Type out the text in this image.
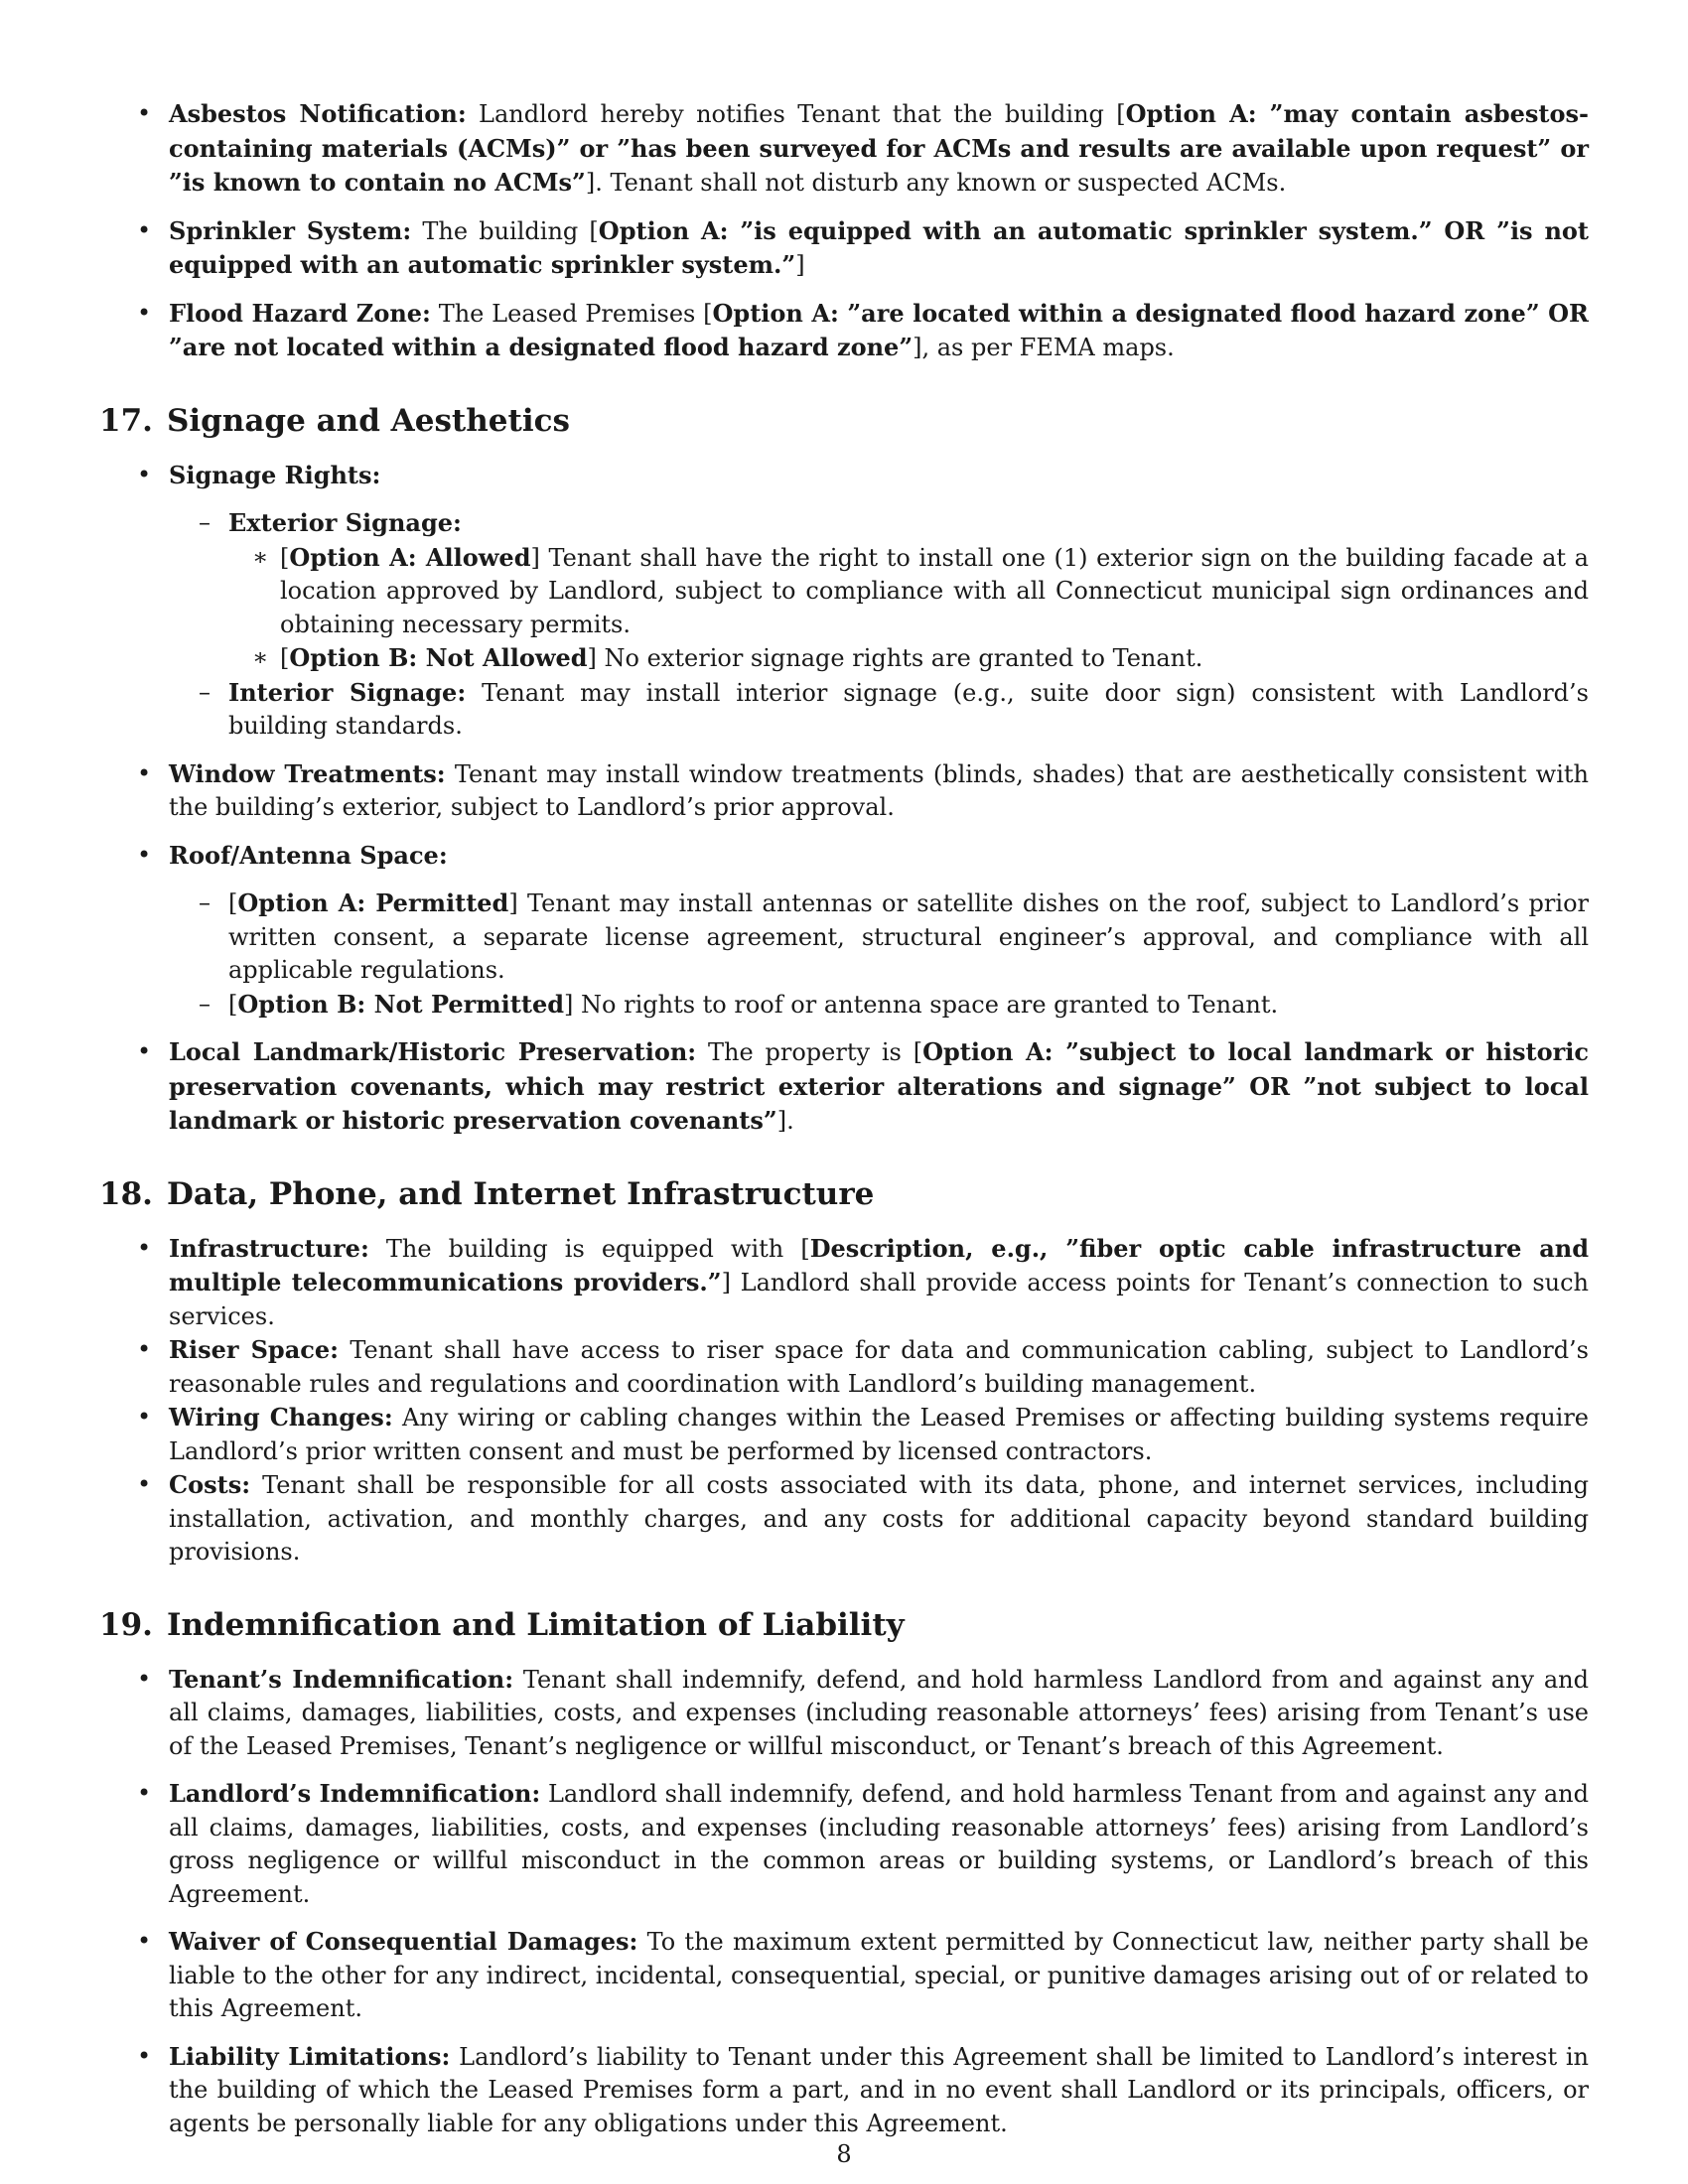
• Asbestos Notification: Landlord hereby notifies Tenant that the building [Option A: ”may contain asbestos-containing materials (ACMs)” or ”has been surveyed for ACMs and results are available upon request” or ”is known to contain no ACMs”]. Tenant shall not disturb any known or suspected ACMs.
• Sprinkler System: The building [Option A: ”is equipped with an automatic sprinkler system.” OR ”is not equipped with an automatic sprinkler system.”]
• Flood Hazard Zone: The Leased Premises [Option A: ”are located within a designated flood hazard zone” OR ”are not located within a designated flood hazard zone”], as per FEMA maps.
17. Signage and Aesthetics
• Signage Rights:
– Exterior Signage:
∗ [Option A: Allowed] Tenant shall have the right to install one (1) exterior sign on the building facade at a location approved by Landlord, subject to compliance with all Connecticut municipal sign ordinances and obtaining necessary permits.
∗ [Option B: Not Allowed] No exterior signage rights are granted to Tenant.
– Interior Signage: Tenant may install interior signage (e.g., suite door sign) consistent with Landlord’s building standards.
• Window Treatments: Tenant may install window treatments (blinds, shades) that are aesthetically consistent with the building’s exterior, subject to Landlord’s prior approval.
• Roof/Antenna Space:
– [Option A: Permitted] Tenant may install antennas or satellite dishes on the roof, subject to Landlord’s prior written consent, a separate license agreement, structural engineer’s approval, and compliance with all applicable regulations.
– [Option B: Not Permitted] No rights to roof or antenna space are granted to Tenant.
• Local Landmark/Historic Preservation: The property is [Option A: ”subject to local landmark or historic preservation covenants, which may restrict exterior alterations and signage” OR ”not subject to local landmark or historic preservation covenants”].
18. Data, Phone, and Internet Infrastructure
• Infrastructure: The building is equipped with [Description, e.g., ”fiber optic cable infrastructure and multiple telecommunications providers.”] Landlord shall provide access points for Tenant’s connection to such services.
• Riser Space: Tenant shall have access to riser space for data and communication cabling, subject to Landlord’s reasonable rules and regulations and coordination with Landlord’s building management.
• Wiring Changes: Any wiring or cabling changes within the Leased Premises or affecting building systems require Landlord’s prior written consent and must be performed by licensed contractors.
• Costs: Tenant shall be responsible for all costs associated with its data, phone, and internet services, including installation, activation, and monthly charges, and any costs for additional capacity beyond standard building provisions.
19. Indemnification and Limitation of Liability
• Tenant’s Indemnification: Tenant shall indemnify, defend, and hold harmless Landlord from and against any and all claims, damages, liabilities, costs, and expenses (including reasonable attorneys’ fees) arising from Tenant’s use of the Leased Premises, Tenant’s negligence or willful misconduct, or Tenant’s breach of this Agreement.
• Landlord’s Indemnification: Landlord shall indemnify, defend, and hold harmless Tenant from and against any and all claims, damages, liabilities, costs, and expenses (including reasonable attorneys’ fees) arising from Landlord’s gross negligence or willful misconduct in the common areas or building systems, or Landlord’s breach of this Agreement.
• Waiver of Consequential Damages: To the maximum extent permitted by Connecticut law, neither party shall be liable to the other for any indirect, incidental, consequential, special, or punitive damages arising out of or related to this Agreement.
• Liability Limitations: Landlord’s liability to Tenant under this Agreement shall be limited to Landlord’s interest in the building of which the Leased Premises form a part, and in no event shall Landlord or its principals, officers, or agents be personally liable for any obligations under this Agreement.
8
